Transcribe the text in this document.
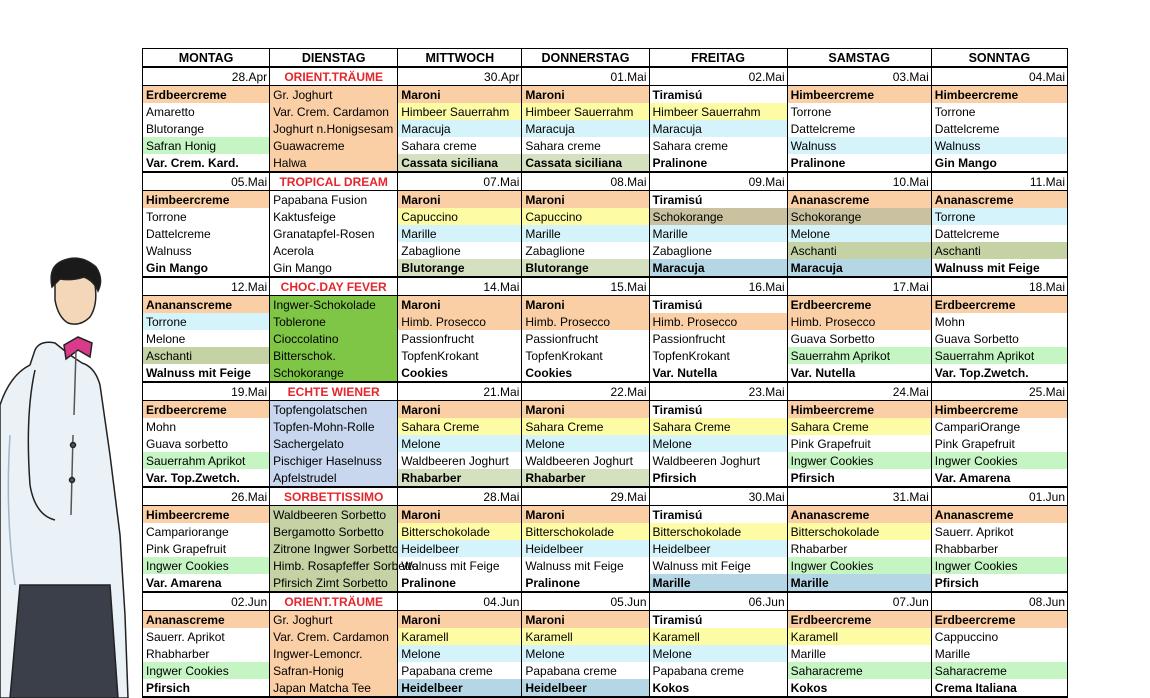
MONTAG	DIENSTAG	MITTWOCH	DONNERSTAG	FREITAG	SAMSTAG	SONNTAG
28.Apr	ORIENT.TRÄUME	30.Apr	01.Mai	02.Mai	03.Mai	04.Mai
Erdbeercreme	Gr. Joghurt	Maroni	Maroni	Tiramisú	Himbeercreme	Himbeercreme
Amaretto	Var. Crem. Cardamon	Himbeer Sauerrahm	Himbeer Sauerrahm	Himbeer Sauerrahm	Torrone	Torrone
Blutorange	Joghurt n.Honigsesam	Maracuja	Maracuja	Maracuja	Dattelcreme	Dattelcreme
Safran Honig	Guawacreme	Sahara creme	Sahara creme	Sahara creme	Walnuss	Walnuss
Var. Crem. Kard.	Halwa	Cassata siciliana	Cassata siciliana	Pralinone	Pralinone	Gin Mango
05.Mai	TROPICAL DREAM	07.Mai	08.Mai	09.Mai	10.Mai	11.Mai
Himbeercreme	Papabana Fusion	Maroni	Maroni	Tiramisú	Ananascreme	Ananascreme
Torrone	Kaktusfeige	Capuccino	Capuccino	Schokorange	Schokorange	Torrone
Dattelcreme	Granatapfel-Rosen	Marille	Marille	Marille	Melone	Dattelcreme
Walnuss	Acerola	Zabaglione	Zabaglione	Zabaglione	Aschanti	Aschanti
Gin Mango	Gin Mango	Blutorange	Blutorange	Maracuja	Maracuja	Walnuss mit Feige
12.Mai	CHOC.DAY FEVER	14.Mai	15.Mai	16.Mai	17.Mai	18.Mai
Anananscreme	Ingwer-Schokolade	Maroni	Maroni	Tiramisú	Erdbeercreme	Erdbeercreme
Torrone	Toblerone	Himb. Prosecco	Himb. Prosecco	Himb. Prosecco	Himb. Prosecco	Mohn
Melone	Cioccolatino	Passionfrucht	Passionfrucht	Passionfrucht	Guava Sorbetto	Guava Sorbetto
Aschanti	Bitterschok.	TopfenKrokant	TopfenKrokant	TopfenKrokant	Sauerrahm Aprikot	Sauerrahm Aprikot
Walnuss mit Feige	Schokorange	Cookies	Cookies	Var. Nutella	Var. Nutella	Var. Top.Zwetch.
19.Mai	ECHTE WIENER	21.Mai	22.Mai	23.Mai	24.Mai	25.Mai
Erdbeercreme	Topfengolatschen	Maroni	Maroni	Tiramisú	Himbeercreme	Himbeercreme
Mohn	Topfen-Mohn-Rolle	Sahara Creme	Sahara Creme	Sahara Creme	Sahara Creme	CampariOrange
Guava sorbetto	Sachergelato	Melone	Melone	Melone	Pink Grapefruit	Pink Grapefruit
Sauerrahm Aprikot	Pischiger Haselnuss	Waldbeeren Joghurt	Waldbeeren Joghurt	Waldbeeren Joghurt	Ingwer Cookies	Ingwer Cookies
Var. Top.Zwetch.	Apfelstrudel	Rhabarber	Rhabarber	Pfirsich	Pfirsich	Var. Amarena
26.Mai	SORBETTISSIMO	28.Mai	29.Mai	30.Mai	31.Mai	01.Jun
Himbeercreme	Waldbeeren Sorbetto	Maroni	Maroni	Tiramisú	Ananascreme	Ananascreme
Campariorange	Bergamotto Sorbetto	Bitterschokolade	Bitterschokolade	Bitterschokolade	Bitterschokolade	Sauerr. Aprikot
Pink Grapefruit	Zitrone Ingwer Sorbetto	Heidelbeer	Heidelbeer	Heidelbeer	Rhabarber	Rhabbarber
Ingwer Cookies	Himb. Rosapfeffer Sorbetto	Walnuss mit Feige	Walnuss mit Feige	Walnuss mit Feige	Ingwer Cookies	Ingwer Cookies
Var. Amarena	Pfirsich Zimt Sorbetto	Pralinone	Pralinone	Marille	Marille	Pfirsich
02.Jun	ORIENT.TRÄUME	04.Jun	05.Jun	06.Jun	07.Jun	08.Jun
Ananascreme	Gr. Joghurt	Maroni	Maroni	Tiramisú	Erdbeercreme	Erdbeercreme
Sauerr. Aprikot	Var. Crem. Cardamon	Karamell	Karamell	Karamell	Karamell	Cappuccino
Rhabharber	Ingwer-Lemoncr.	Melone	Melone	Melone	Marille	Marille
Ingwer Cookies	Safran-Honig	Papabana creme	Papabana creme	Papabana creme	Saharacreme	Saharacreme
Pfirsich	Japan Matcha Tee	Heidelbeer	Heidelbeer	Kokos	Kokos	Crema Italiana
